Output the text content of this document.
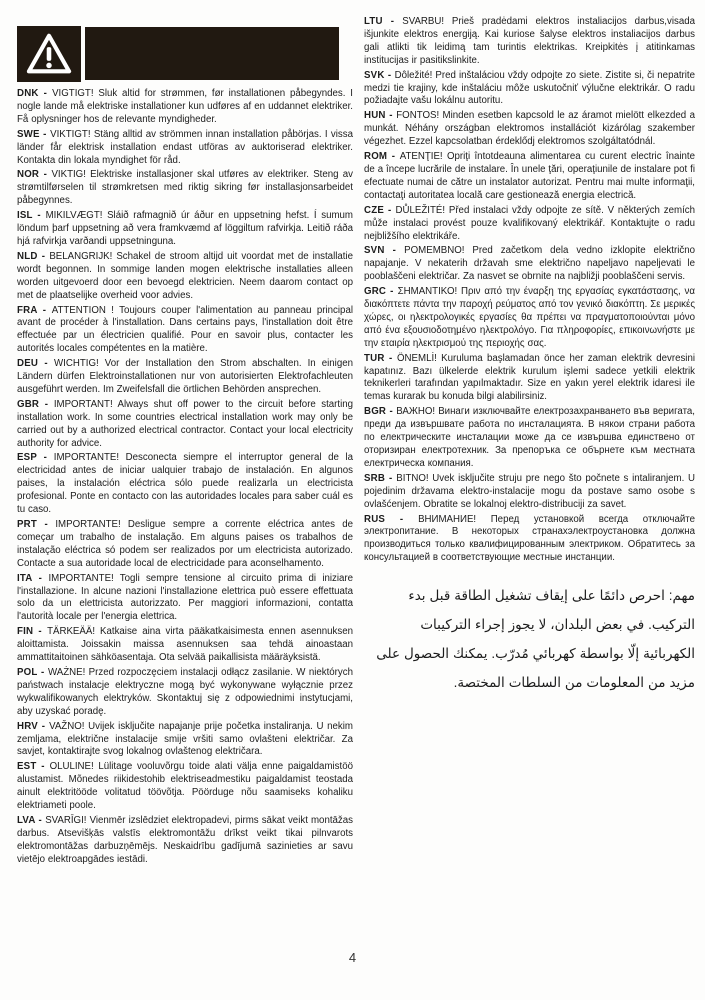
DNK - VIGTIGT! Sluk altid for strømmen, før installationen påbegyndes. I nogle lande må elektriske installationer kun udføres af en uddannet elektriker. Få oplysninger hos de relevante myndigheder.

SWE - VIKTIGT! Stäng alltid av strömmen innan installation påbörjas. I vissa länder får elektrisk installation endast utföras av auktoriserad elektriker. Kontakta din lokala myndighet för råd.

NOR - VIKTIG! Elektriske installasjoner skal utføres av elektriker. Steng av strømtilførselen til strømkretsen med riktig sikring før installasjonsarbeidet påbegynnes.

ISL - MIKILVÆGT! Sláið rafmagnið úr áður en uppsetning hefst. Í sumum löndum þarf uppsetning að vera framkvæmd af löggiltum rafvirkja. Leitið ráða hjá rafvirkja varðandi uppsetninguna.

NLD - BELANGRIJK! Schakel de stroom altijd uit voordat met de installatie wordt begonnen. In sommige landen mogen elektrische installaties alleen worden uitgevoerd door een bevoegd elektricien. Neem daarom contact op met de plaatselijke overheid voor advies.

FRA - ATTENTION ! Toujours couper l'alimentation au panneau principal avant de procéder à l'installation. Dans certains pays, l'installation doit être effectuée par un électricien qualifié. Pour en savoir plus, contacter les autorités locales compétentes en la matière.

DEU - WICHTIG! Vor der Installation den Strom abschalten. In einigen Ländern dürfen Elektroinstallationen nur von autorisierten Elektrofachleuten ausgeführt werden. Im Zweifelsfall die örtlichen Behörden ansprechen.

GBR - IMPORTANT! Always shut off power to the circuit before starting installation work. In some countries electrical installation work may only be carried out by a authorized electrical contractor. Contact your local electricity authority for advice.

ESP - IMPORTANTE! Desconecta siempre el interruptor general de la electricidad antes de iniciar ualquier trabajo de instalación. En algunos paises, la instalación eléctrica sólo puede realizarla un electricista profesional. Ponte en contacto con las autoridades locales para saber cuál es tu caso.

PRT - IMPORTANTE! Desligue sempre a corrente eléctrica antes de começar um trabalho de instalação. Em alguns paises os trabalhos de instalação eléctrica só podem ser realizados por um electricista autorizado. Contacte a sua autoridade local de electricidade para aconselhamento.

ITA - IMPORTANTE! Togli sempre tensione al circuito prima di iniziare l'installazione. In alcune nazioni l'installazione elettrica può essere effettuata solo da un elettricista autorizzato. Per maggiori informazioni, contatta l'autorità locale per l'energia elettrica.

FIN - TÄRKEÄÄ! Katkaise aina virta pääkatkaisimesta ennen asennuksen aloittamista. Joissakin maissa asennuksen saa tehdä ainoastaan ammattitaitoinen sähköasentaja. Ota selvää paikallisista määräyksistä.

POL - WAŻNE! Przed rozpoczęciem instalacji odłącz zasilanie. W niektórych państwach instalacje elektryczne mogą być wykonywane wyłącznie przez wykwalifikowanych elektryków. Skontaktuj się z odpowiednimi instytucjami, aby uzyskać poradę.

HRV - VAŽNO! Uvijek isključite napajanje prije početka instaliranja. U nekim zemljama, električne instalacije smije vršiti samo ovlašteni električar. Za savjet, kontaktirajte svog lokalnog ovlaštenog električara.

EST - OLULINE! Lülitage vooluvõrgu toide alati välja enne paigaldamistöö alustamist. Mõnedes riikidestohib elektriseadmestiku paigaldamist teostada ainult elektritööde volitatud töövõtja. Pöörduge nõu saamiseks kohaliku elektriameti poole.

LVA - SVARĪGI! Vienmēr izslēdziet elektropadevi, pirms sākat veikt montāžas darbus. Atsevišķās valstīs elektromontāžu drīkst veikt tikai pilnvarots elektromontāžas darbuzņēmējs. Neskaidrību gadījumā sazinieties ar savu vietējo elektroapgādes iestādi.

LTU - SVARBU! Prieš pradėdami elektros instaliacijos darbus,visada išjunkite elektros energiją. Kai kuriose šalyse elektros instaliacijos darbus gali atlikti tik leidimą tam turintis elektrikas. Kreipkitės į atitinkamas institucijas ir pasitikslinkite.

SVK - Dôležité! Pred inštaláciou vždy odpojte zo siete. Zistite si, či nepatrite medzi tie krajiny, kde inštaláciu môže uskutočniť výlučne elektrikár. O radu požiadajte vašu lokálnu autoritu.

HUN - FONTOS! Minden esetben kapcsold le az áramot mielött elkezded a munkát. Néhány országban elektromos installációt kizárólag szakember végezhet. Ezzel kapcsolatban érdeklődj elektromos szolgáltatódnál.

ROM - ATENŢIE! Opriţi întotdeauna alimentarea cu curent electric înainte de a începe lucrările de instalare. În unele ţări, operaţiunile de instalare pot fi efectuate numai de către un instalator autorizat. Pentru mai multe informaţii, contactaţi autoritatea locală care gestionează energia electrică.

CZE - DŮLEŽITÉ! Před instalaci vždy odpojte ze sítě. V některých zemích může instalaci provést pouze kvalifikovaný elektrikář. Kontaktujte o radu nejbližšího elektrikáře.

SVN - POMEMBNO! Pred začetkom dela vedno izklopite električno napajanje. V nekaterih državah sme električno napeljavo napeljevati le pooblaščeni električar. Za nasvet se obrnite na najbližji pooblaščeni servis.

GRC - ΣΗΜΑΝΤΙΚΟ! Πριν από την έναρξη της εργασίας εγκατάστασης, να διακόπτετε πάντα την παροχή ρεύματος από τον γενικό διακόπτη. Σε μερικές χώρες, οι ηλεκτρολογικές εργασίες θα πρέπει να πραγματοποιούνται μόνο από ένα εξουσιοδοτημένο ηλεκτρολόγο. Για πληροφορίες, επικοινωνήστε με την εταιρία ηλεκτρισμού της περιοχής σας.

TUR - ÖNEMLİ! Kuruluma başlamadan önce her zaman elektrik devresini kapatınız. Bazı ülkelerde elektrik kurulum işlemi sadece yetkili elektrik teknikerleri tarafından yapılmaktadır. Size en yakın yerel elektrik idaresi ile temas kurarak bu konuda bilgi alabilirsiniz.

BGR - ВАЖНО! Винаги изключвайте електрозахранването във веригата, преди да извършвате работа по инсталацията. В някои страни работа по електрическите инсталации може да се извършва единствено от оторизиран електротехник. За препоръка се обърнете към местната електрическа компания.

SRB - BITNO! Uvek isključite struju pre nego što počnete s intaliranjem. U pojedinim državama elektro-instalacije mogu da postave samo osobe s ovlašćenjem. Obratite se lokalnoj elektro-distribuciji za savet.

RUS - ВНИМАНИЕ! Перед установкой всегда отключайте электропитание. В некоторых странахэлектроустановка должна производиться только квалифицированным электриком. Обратитесь за консультацией в соответствующие местные инстанции.

مهم: احرص دائمًا على إيقاف تشغيل الطاقة قبل بدء التركيب. في بعض البلدان، لا يجوز إجراء التركيبات الكهربائية إلّا بواسطة كهربائي مُدرّب. يمكنك الحصول على مزيد من المعلومات من السلطات المختصة.

4
